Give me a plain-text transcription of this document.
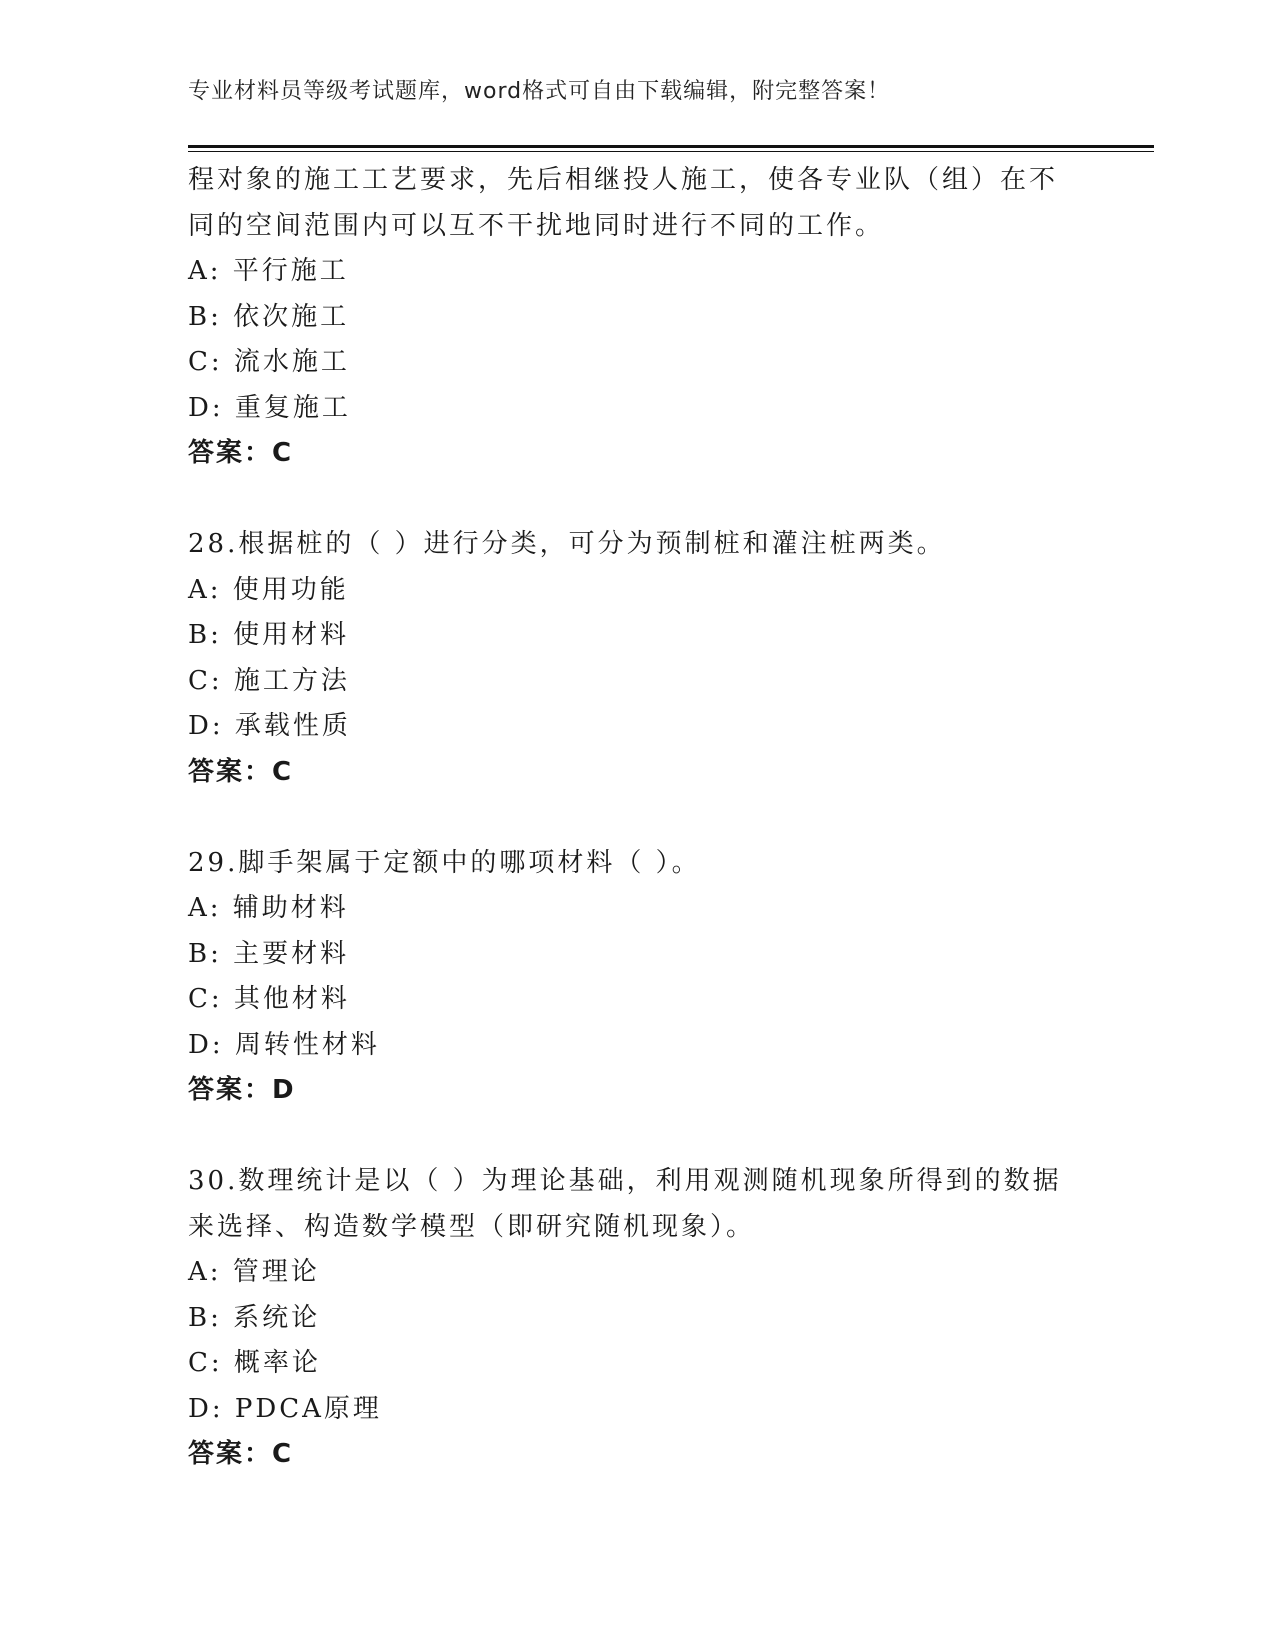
专业材料员等级考试题库，word格式可自由下载编辑，附完整答案！
程对象的施工工艺要求，先后相继投人施工，使各专业队（组）在不
同的空间范围内可以互不干扰地同时进行不同的工作。
A: 平行施工
B: 依次施工
C: 流水施工
D: 重复施工
答案：C
28.根据桩的（ ）进行分类，可分为预制桩和灌注桩两类。
A: 使用功能
B: 使用材料
C: 施工方法
D: 承载性质
答案：C
29.脚手架属于定额中的哪项材料（ ）。
A: 辅助材料
B: 主要材料
C: 其他材料
D: 周转性材料
答案：D
30.数理统计是以（ ）为理论基础，利用观测随机现象所得到的数据
来选择、构造数学模型（即研究随机现象）。
A: 管理论
B: 系统论
C: 概率论
D: PDCA原理
答案：C
